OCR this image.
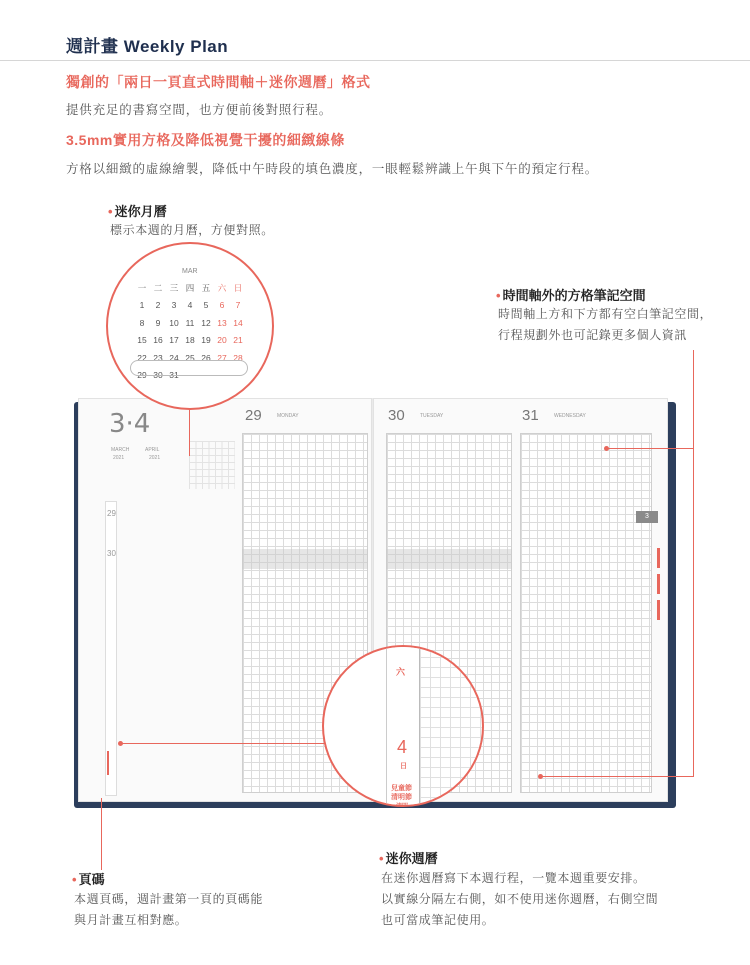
週計畫 Weekly Plan
獨創的「兩日一頁直式時間軸＋迷你週曆」格式
提供充足的書寫空間，也方便前後對照行程。
3.5mm實用方格及降低視覺干擾的細緻線條
方格以細緻的虛線繪製，降低中午時段的填色濃度，一眼輕鬆辨識上午與下午的預定行程。
• 迷你月曆
標示本週的月曆，方便對照。
• 時間軸外的方格筆記空間
時間軸上方和下方都有空白筆記空間，
行程規劃外也可記錄更多個人資訊
3·4
MARCH
2021
APRIL
2021
29
30
29	MONDAY	30	TUESDAY	31	WEDNESDAY
3
MAR
一 二 三 四 五 六 日
1	2	3	4	5	6	7
8	9	10 11 12 13 14
15 16 17 18 19 20 21
22 23 24 25 26 27 28
29 30 31
六
4
日
兒童節
清明節
清明
• 頁碼
本週頁碼，週計畫第一頁的頁碼能
與月計畫互相對應。
• 迷你週曆
在迷你週曆寫下本週行程，一覽本週重要安排。
以實線分隔左右側，如不使用迷你週曆，右側空間
也可當成筆記使用。
